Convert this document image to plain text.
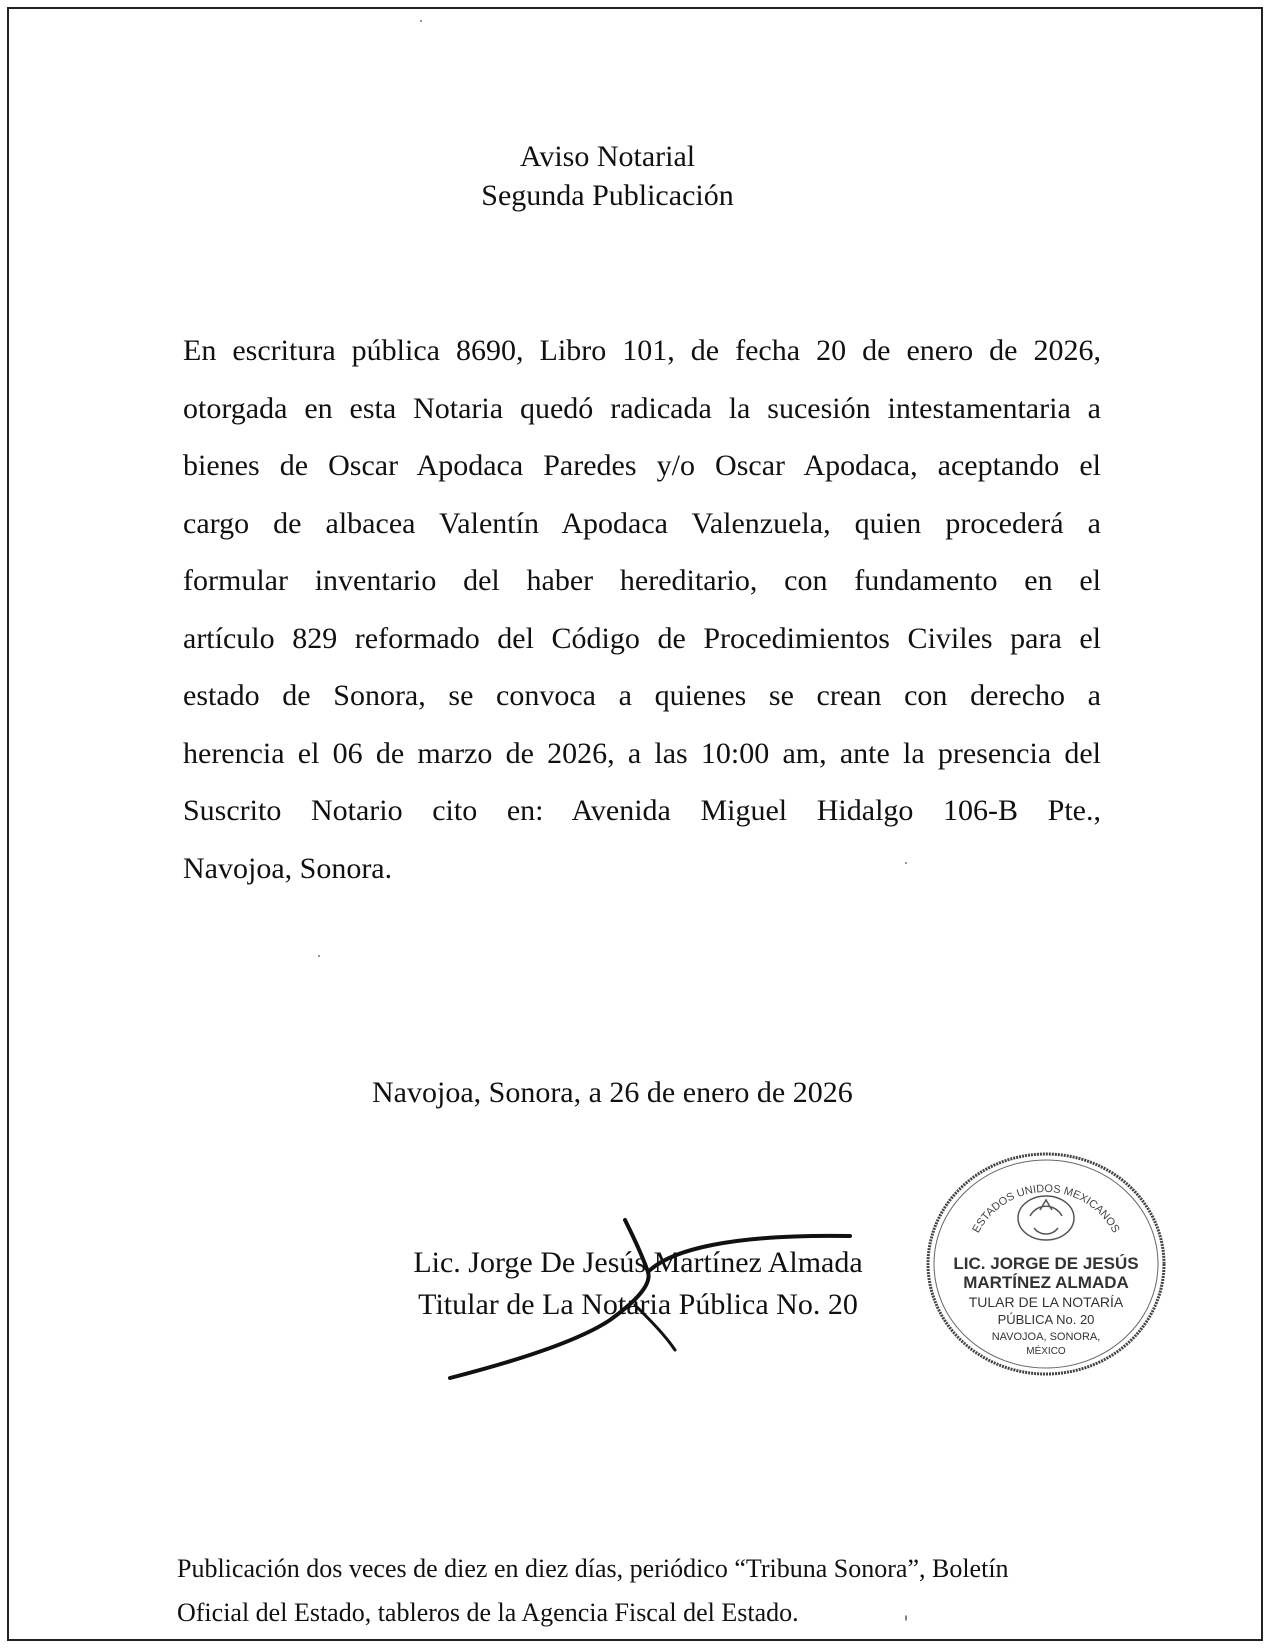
Aviso Notarial
Segunda Publicación
En escritura pública 8690, Libro 101, de fecha 20 de enero de 2026,
otorgada en esta Notaria quedó radicada la sucesión intestamentaria a
bienes de Oscar Apodaca Paredes y/o Oscar Apodaca, aceptando el
cargo de albacea Valentín Apodaca Valenzuela, quien procederá a
formular inventario del haber hereditario, con fundamento en el
artículo 829 reformado del Código de Procedimientos Civiles para el
estado de Sonora, se convoca a quienes se crean con derecho a
herencia el 06 de marzo de 2026, a las 10:00 am, ante la presencia del
Suscrito Notario cito en: Avenida Miguel Hidalgo 106-B Pte.,
Navojoa, Sonora.
Navojoa, Sonora, a 26 de enero de 2026
Lic. Jorge De Jesús Martínez Almada
Titular de La Notaria Pública No. 20
ESTADOS UNIDOS MEXICANOS
LIC. JORGE DE JESÚS
MARTÍNEZ ALMADA
TULAR DE LA NOTARÍA
PÚBLICA No. 20
NAVOJOA, SONORA,
MÉXICO
Publicación dos veces de diez en diez días, periódico “Tribuna Sonora”, Boletín
Oficial del Estado, tableros de la Agencia Fiscal del Estado.
